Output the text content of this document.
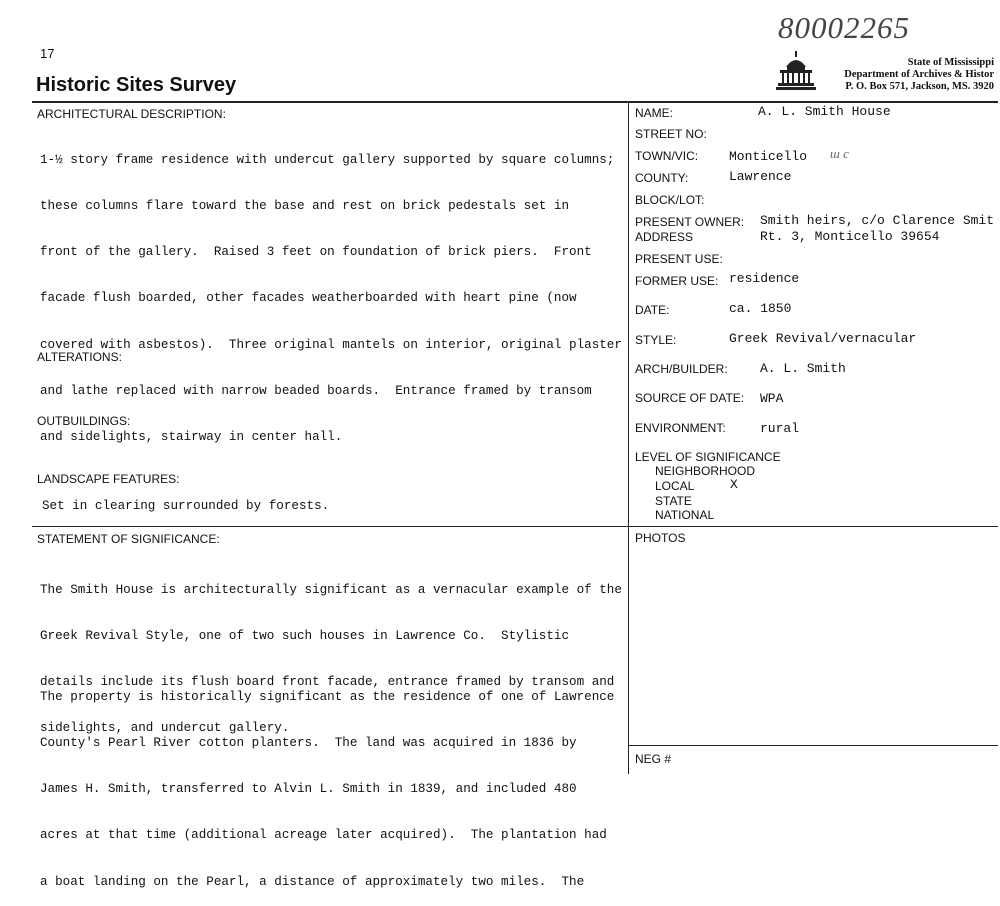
17
Historic Sites Survey
80002265
State of Mississippi
Department of Archives & Histor
P. O. Box 571, Jackson, MS. 3920
ARCHITECTURAL DESCRIPTION:

1-½ story frame residence with undercut gallery supported by square columns;

these columns flare toward the base and rest on brick pedestals set in

front of the gallery.  Raised 3 feet on foundation of brick piers.  Front

facade flush boarded, other facades weatherboarded with heart pine (now

covered with asbestos).  Three original mantels on interior, original plaster

and lathe replaced with narrow beaded boards.  Entrance framed by transom

and sidelights, stairway in center hall.

ALTERATIONS:
OUTBUILDINGS:
LANDSCAPE FEATURES:
Set in clearing surrounded by forests.
STATEMENT OF SIGNIFICANCE:

The Smith House is architecturally significant as a vernacular example of the

Greek Revival Style, one of two such houses in Lawrence Co.  Stylistic

details include its flush board front facade, entrance framed by transom and

sidelights, and undercut gallery.

The property is historically significant as the residence of one of Lawrence

County's Pearl River cotton planters.  The land was acquired in 1836 by

James H. Smith, transferred to Alvin L. Smith in 1839, and included 480

acres at that time (additional acreage later acquired).  The plantation had

a boat landing on the Pearl, a distance of approximately two miles.  The

NAME:	A. L. Smith House
STREET NO:
TOWN/VIC: Monticello ш с
COUNTY:	Lawrence
BLOCK/LOT:
PRESENT OWNER: Smith heirs, c/o Clarence Smit
ADDRESS	Rt. 3, Monticello 39654
PRESENT USE:
FORMER USE: residence
DATE:	ca. 1850
STYLE:	Greek Revival/vernacular
ARCH/BUILDER: A. L. Smith
SOURCE OF DATE: WPA
ENVIRONMENT:	rural
LEVEL OF SIGNIFICANCE
NEIGHBORHOOD
LOCAL	X
STATE
NATIONAL
PHOTOS
NEG #
